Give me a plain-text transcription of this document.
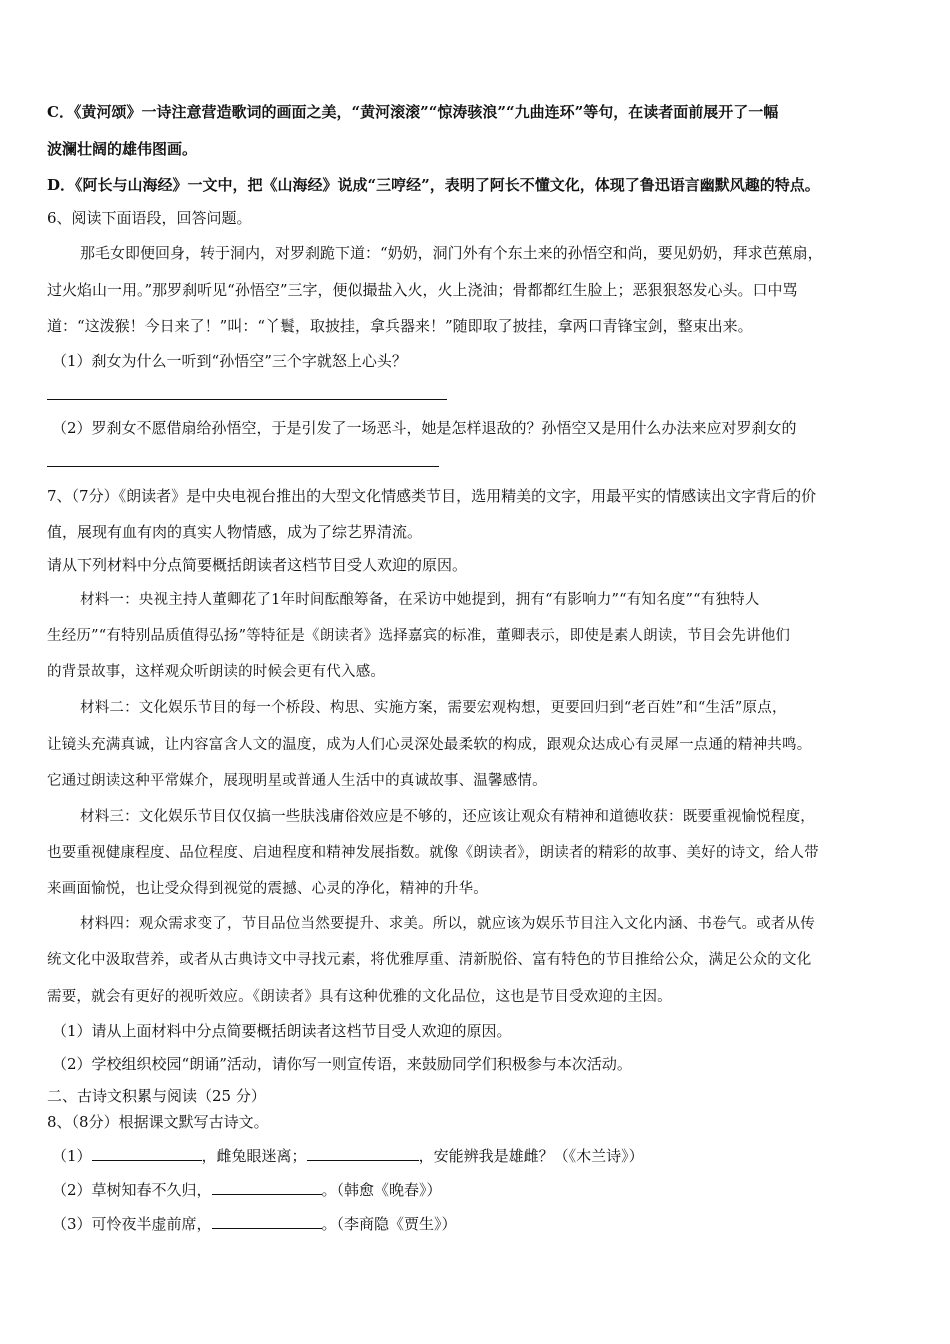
C．《黄河颂》一诗注意营造歌词的画面之美，“黄河滚滚”“惊涛骇浪”“九曲连环”等句，在读者面前展开了一幅
波澜壮阔的雄伟图画。
D．《阿长与山海经》一文中，把《山海经》说成“三哼经”，表明了阿长不懂文化，体现了鲁迅语言幽默风趣的特点。
6、阅读下面语段，回答问题。
那毛女即便回身，转于洞内，对罗刹跪下道：“奶奶，洞门外有个东土来的孙悟空和尚，要见奶奶，拜求芭蕉扇，
过火焰山一用。”那罗刹听见“孙悟空”三字，便似撮盐入火，火上浇油；骨都都红生脸上；恶狠狠怒发心头。口中骂
道：“这泼猴！今日来了！”叫：“丫鬟，取披挂，拿兵器来！”随即取了披挂，拿两口青锋宝剑，整束出来。
（1）刹女为什么一听到“孙悟空”三个字就怒上心头？
（2）罗刹女不愿借扇给孙悟空，于是引发了一场恶斗，她是怎样退敌的？孙悟空又是用什么办法来应对罗刹女的
7、（7分）《朗读者》是中央电视台推出的大型文化情感类节目，选用精美的文字，用最平实的情感读出文字背后的价
值，展现有血有肉的真实人物情感，成为了综艺界清流。
请从下列材料中分点简要概括朗读者这档节目受人欢迎的原因。
材料一：央视主持人董卿花了1年时间酝酿筹备，在采访中她提到，拥有“有影响力”“有知名度”“有独特人
生经历”“有特别品质值得弘扬”等特征是《朗读者》选择嘉宾的标准，董卿表示，即使是素人朗读，节目会先讲他们
的背景故事，这样观众听朗读的时候会更有代入感。
材料二：文化娱乐节目的每一个桥段、构思、实施方案，需要宏观构想，更要回归到“老百姓”和“生活”原点，
让镜头充满真诚，让内容富含人文的温度，成为人们心灵深处最柔软的构成，跟观众达成心有灵犀一点通的精神共鸣。
它通过朗读这种平常媒介，展现明星或普通人生活中的真诚故事、温馨感情。
材料三：文化娱乐节目仅仅搞一些肤浅庸俗效应是不够的，还应该让观众有精神和道德收获：既要重视愉悦程度，
也要重视健康程度、品位程度、启迪程度和精神发展指数。就像《朗读者》，朗读者的精彩的故事、美好的诗文，给人带
来画面愉悦，也让受众得到视觉的震撼、心灵的净化，精神的升华。
材料四：观众需求变了，节目品位当然要提升、求美。所以，就应该为娱乐节目注入文化内涵、书卷气。或者从传
统文化中汲取营养，或者从古典诗文中寻找元素，将优雅厚重、清新脱俗、富有特色的节目推给公众，满足公众的文化
需要，就会有更好的视听效应。《朗读者》具有这种优雅的文化品位，这也是节目受欢迎的主因。
（1）请从上面材料中分点简要概括朗读者这档节目受人欢迎的原因。
（2）学校组织校园“朗诵”活动，请你写一则宣传语，来鼓励同学们积极参与本次活动。
二、古诗文积累与阅读（25 分）
8、（8分）根据课文默写古诗文。
（1）	，雌兔眼迷离；	，安能辨我是雄雌？（《木兰诗》）
（2）草树知春不久归，	。（韩愈《晚春》）
（3）可怜夜半虚前席，	。（李商隐《贾生》）
